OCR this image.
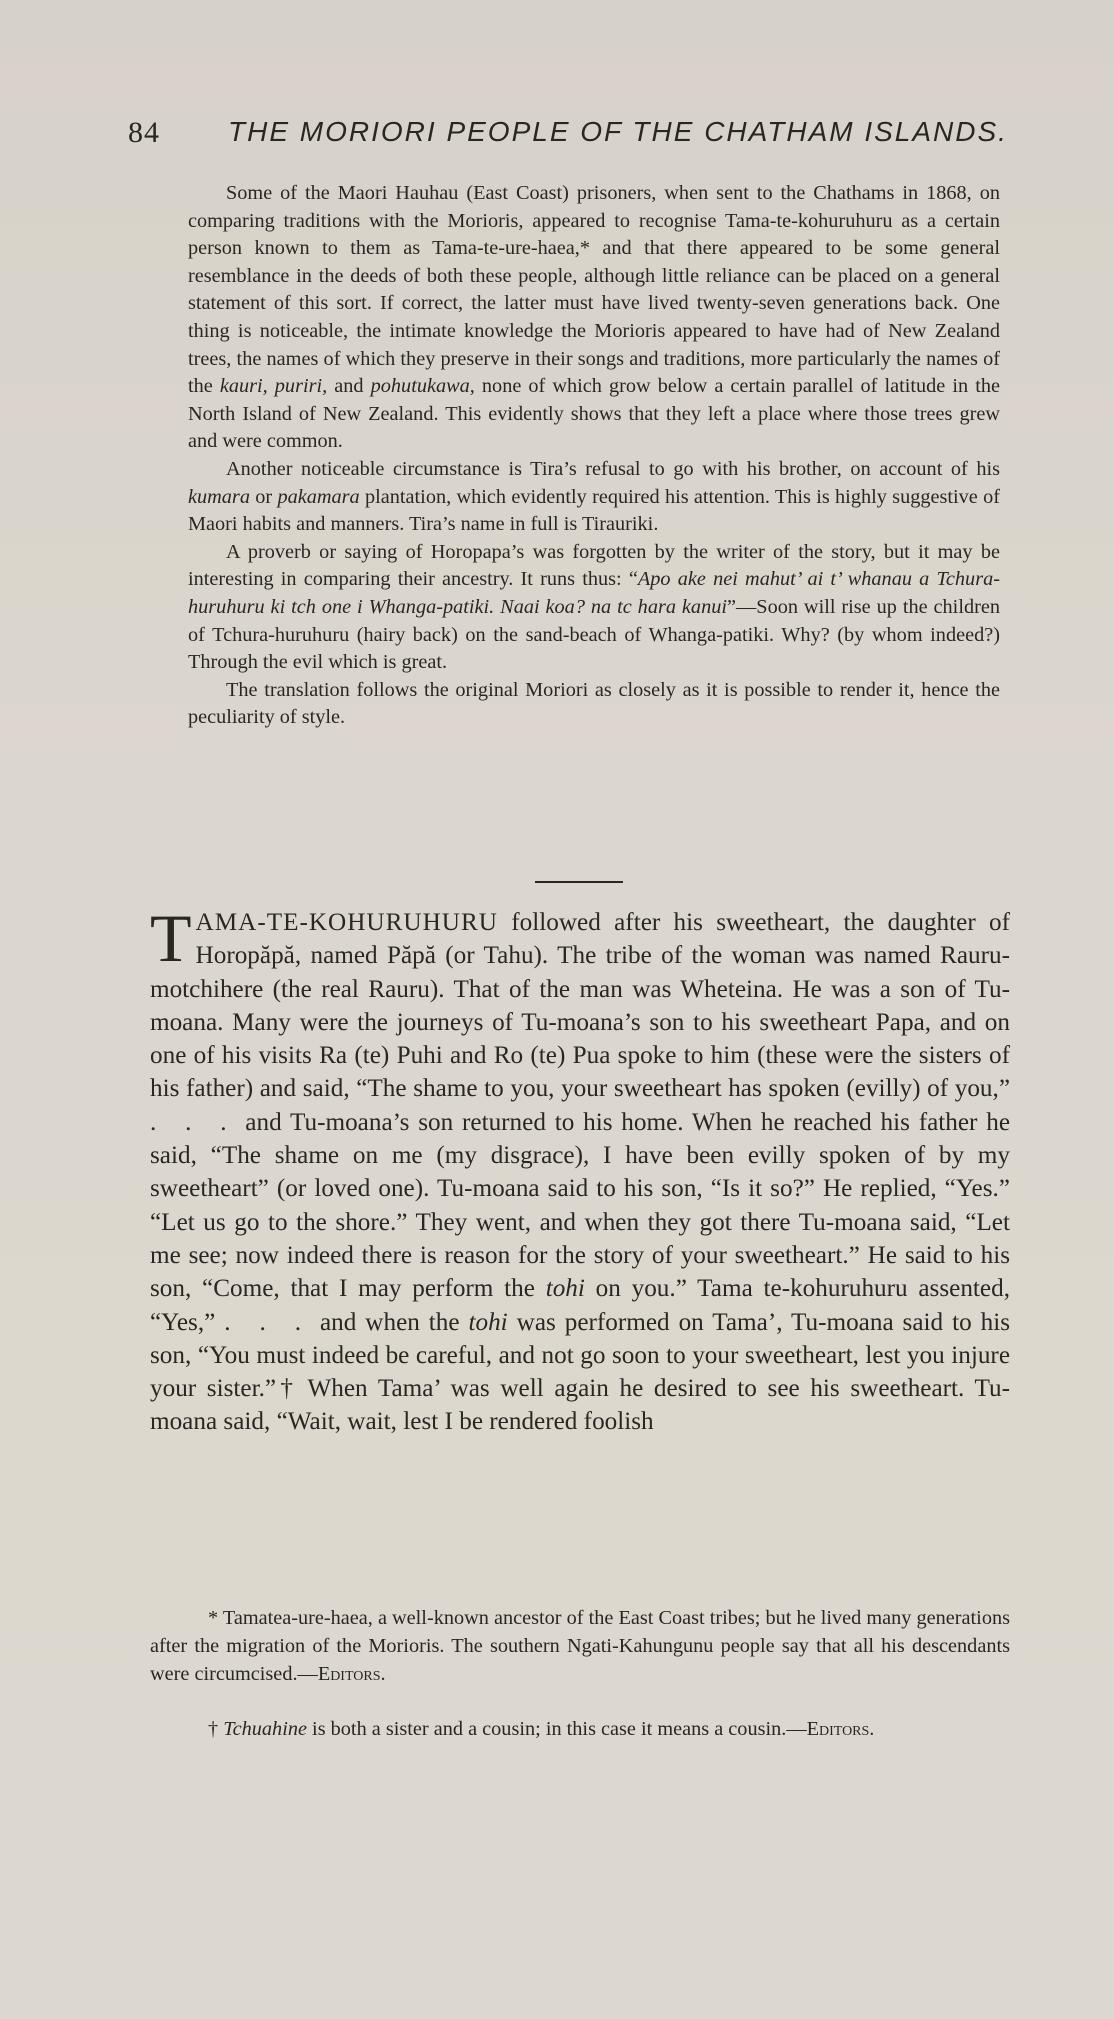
84 THE MORIORI PEOPLE OF THE CHATHAM ISLANDS.

Some of the Maori Hauhau (East Coast) prisoners, when sent to the Chathams in 1868, on comparing traditions with the Morioris, appeared to recognise Tama-te-kohuruhuru as a certain person known to them as Tama-te-ure-haea,* and that there appeared to be some general resemblance in the deeds of both these people, although little reliance can be placed on a general statement of this sort. If correct, the latter must have lived twenty-seven generations back. One thing is noticeable, the intimate knowledge the Morioris appeared to have had of New Zealand trees, the names of which they preserve in their songs and traditions, more particularly the names of the kauri, puriri, and pohutukawa, none of which grow below a certain parallel of latitude in the North Island of New Zealand. This evidently shows that they left a place where those trees grew and were common.

Another noticeable circumstance is Tira’s refusal to go with his brother, on account of his kumara or pakamara plantation, which evidently required his attention. This is highly suggestive of Maori habits and manners. Tira’s name in full is Tirauriki.

A proverb or saying of Horopapa’s was forgotten by the writer of the story, but it may be interesting in comparing their ancestry. It runs thus: “Apo ake nei mahut’ ai t’ whanau a Tchura-huruhuru ki tch one i Whanga-patiki. Naai koa? na tc hara kanui”—Soon will rise up the children of Tchura-huruhuru (hairy back) on the sand-beach of Whanga-patiki. Why? (by whom indeed?) Through the evil which is great.

The translation follows the original Moriori as closely as it is possible to render it, hence the peculiarity of style.

TAMA-TE-KOHURUHURU followed after his sweetheart, the daughter of Horopăpă, named Păpă (or Tahu). The tribe of the woman was named Rauru-motchihere (the real Rauru). That of the man was Wheteina. He was a son of Tu-moana. Many were the journeys of Tu-moana’s son to his sweetheart Papa, and on one of his visits Ra (te) Puhi and Ro (te) Pua spoke to him (these were the sisters of his father) and said, “The shame to you, your sweetheart has spoken (evilly) of you,” . . . and Tu-moana’s son returned to his home. When he reached his father he said, “The shame on me (my disgrace), I have been evilly spoken of by my sweetheart” (or loved one). Tu-moana said to his son, “Is it so?” He replied, “Yes.” “Let us go to the shore.” They went, and when they got there Tu-moana said, “Let me see; now indeed there is reason for the story of your sweetheart.” He said to his son, “Come, that I may perform the tohi on you.” Tama te-kohuruhuru assented, “Yes,” . . . and when the tohi was performed on Tama’, Tu-moana said to his son, “You must indeed be careful, and not go soon to your sweetheart, lest you injure your sister.”† When Tama’ was well again he desired to see his sweetheart. Tu-moana said, “Wait, wait, lest I be rendered foolish

* Tamatea-ure-haea, a well-known ancestor of the East Coast tribes; but he lived many generations after the migration of the Morioris. The southern Ngati-Kahungunu people say that all his descendants were circumcised.—Editors.

† Tchuahine is both a sister and a cousin; in this case it means a cousin.—Editors.
